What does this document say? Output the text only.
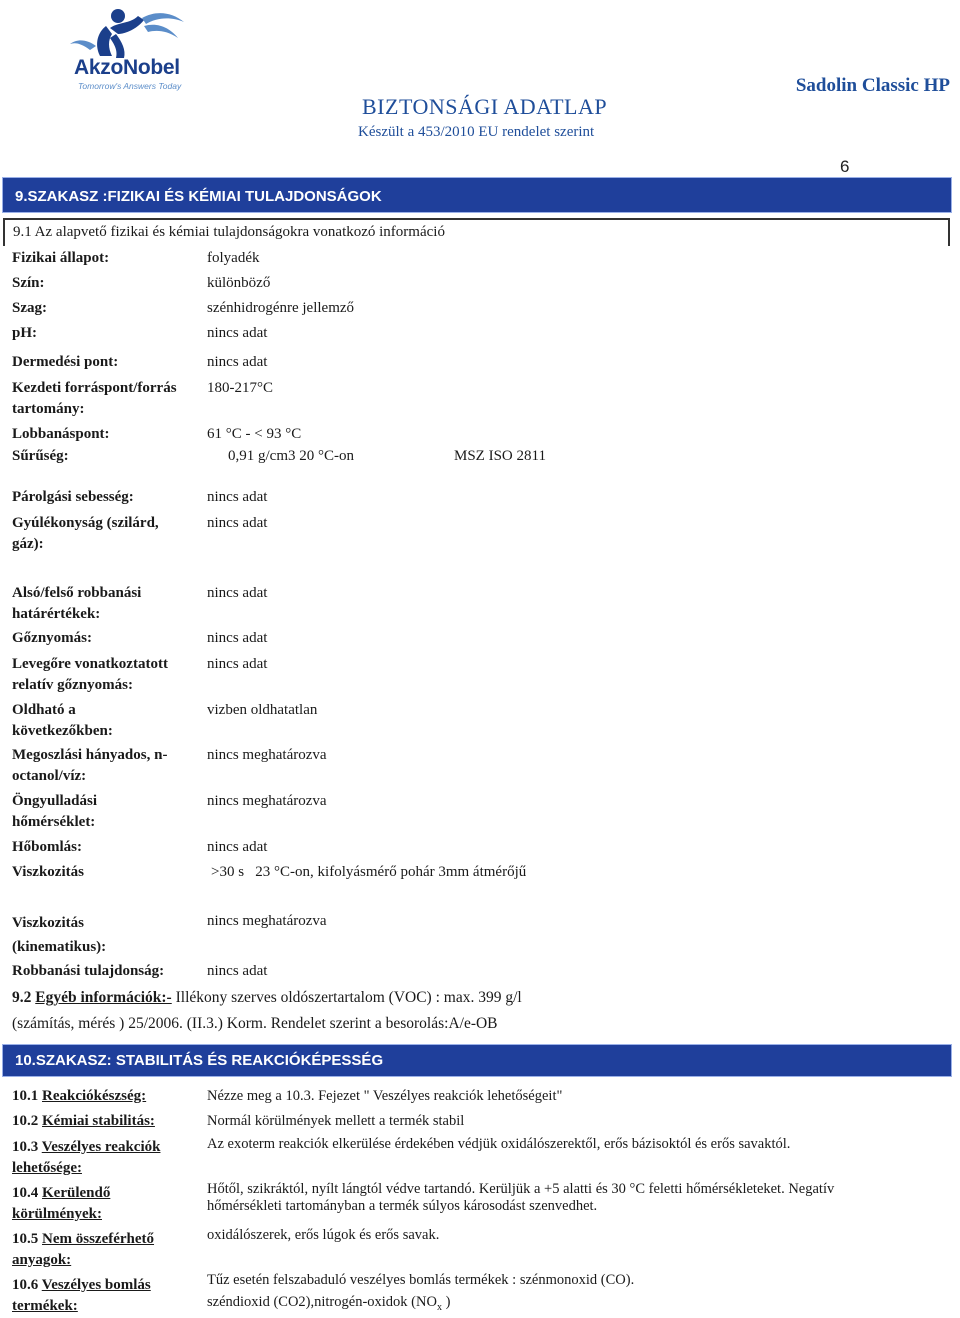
AkzoNobel
Tomorrow's Answers Today	Sadolin Classic HP
BIZTONSÁGI ADATLAP
Készült a 453/2010 EU rendelet szerint
6
9.SZAKASZ :FIZIKAI ÉS KÉMIAI TULAJDONSÁGOK
9.1 Az alapvető fizikai és kémiai tulajdonságokra vonatkozó információ
Fizikai állapot:	folyadék
Szín:	különböző
Szag:	szénhidrogénre jellemző
pH:	nincs adat
Dermedési pont:	nincs adat
Kezdeti forráspont/forrás tartomány:
180-217°C
Lobbanáspont:	61 °C - < 93 °C
Sűrűség:	0,91 g/cm3 20 °C-on	MSZ ISO 2811
Párolgási sebesség:	nincs adat
Gyúlékonyság (szilárd, gáz):
nincs adat
Alsó/felső robbanási határértékek:
nincs adat
Gőznyomás:	nincs adat
Levegőre vonatkoztatott relatív gőznyomás:
nincs adat
Oldható a következőkben:
vizben oldhatatlan
Megoszlási hányados, n-octanol/víz:
nincs meghatározva
Öngyulladási hőmérséklet:
nincs meghatározva
Hőbomlás:	nincs adat
Viszkozitás	>30 s   23 °C-on, kifolyásmérő pohár 3mm átmérőjű
Viszkozitás (kinematikus):
nincs meghatározva
Robbanási tulajdonság:	nincs adat
9.2 Egyéb információk:- Illékony szerves oldószertartalom (VOC) : max. 399 g/l
(számítás, mérés ) 25/2006. (II.3.) Korm. Rendelet szerint a besorolás:A/e-OB
10.SZAKASZ: STABILITÁS ÉS REAKCIÓKÉPESSÉG
10.1 Reakciókészség:	Nézze meg a 10.3. Fejezet " Veszélyes reakciók lehetőségeit"
10.2 Kémiai stabilitás:	Normál körülmények mellett a termék stabil
10.3 Veszélyes reakciók lehetősége:
Az exoterm reakciók elkerülése érdekében védjük oxidálószerektől, erős bázisoktól és erős savaktól.
10.4 Kerülendő körülmények:
Hőtől, szikráktól, nyílt lángtól védve tartandó. Kerüljük a +5 alatti és 30 °C feletti hőmérsékleteket. Negatív hőmérsékleti tartományban a termék súlyos károsodást szenvedhet.
10.5 Nem összeférhető anyagok:
oxidálószerek, erős lúgok és erős savak.
10.6 Veszélyes bomlás termékek:
Tűz esetén felszabaduló veszélyes bomlás termékek : szénmonoxid (CO).
széndioxid (CO2),nitrogén-oxidok ($NO_x$ )
